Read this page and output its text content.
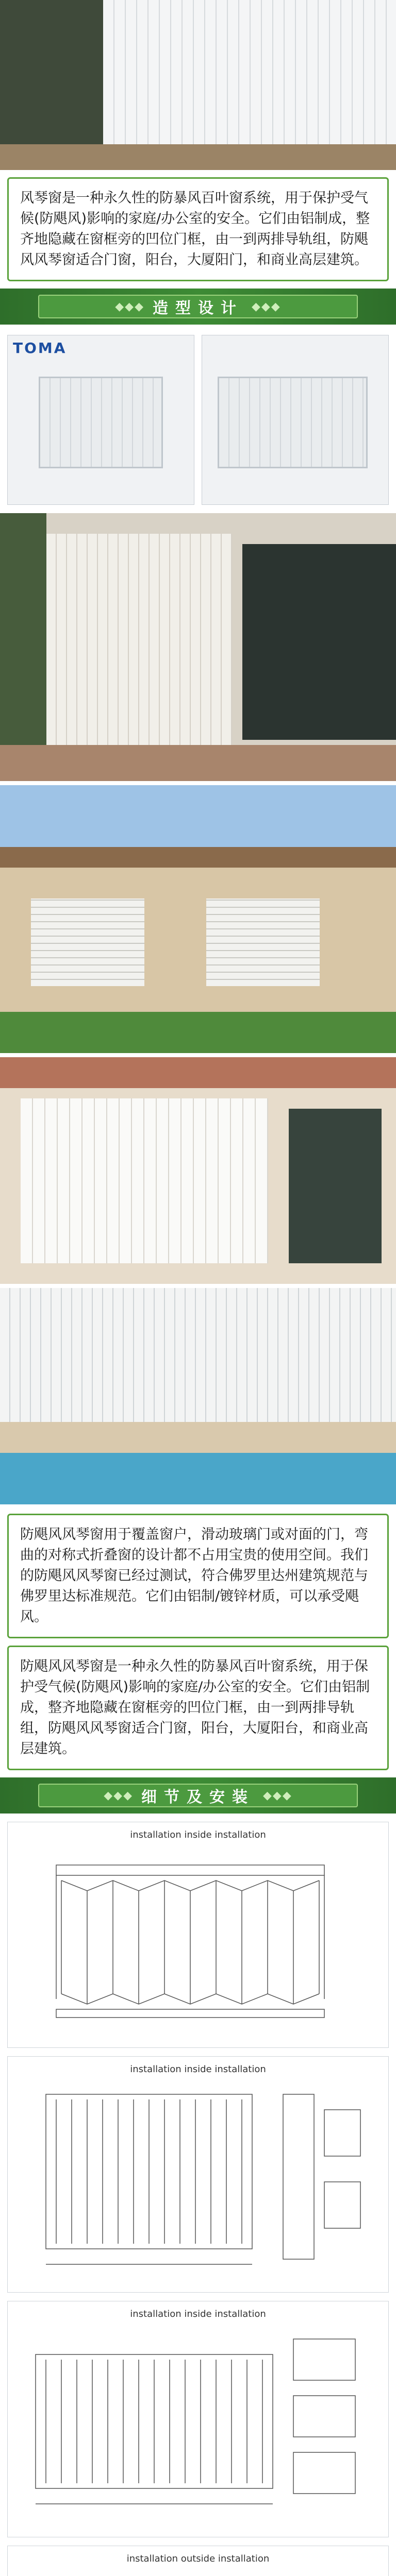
风琴窗是一种永久性的防暴风百叶窗系统，用于保护受气候(防飓风)影响的家庭/办公室的安全。它们由铝制成，整齐地隐藏在窗框旁的凹位门框，由一到两排导轨组，防飓风风琴窗适合门窗，阳台，大厦阳门，和商业高层建筑。
◆◆◆ 造型设计 ◆◆◆
TOMA
防飓风风琴窗用于覆盖窗户，滑动玻璃门或对面的门，弯曲的对称式折叠窗的设计都不占用宝贵的使用空间。我们的防飓风风琴窗已经过测试，符合佛罗里达州建筑规范与佛罗里达标准规范。它们由铝制/镀锌材质，可以承受飓风。
防飓风风琴窗是一种永久性的防暴风百叶窗系统，用于保护受气候(防飓风)影响的家庭/办公室的安全。它们由铝制成，整齐地隐藏在窗框旁的凹位门框，由一到两排导轨组，防飓风风琴窗适合门窗，阳台，大厦阳台，和商业高层建筑。
◆◆◆ 细节及安装 ◆◆◆
installation inside installation
installation inside installation
installation inside installation
installation outside installation
